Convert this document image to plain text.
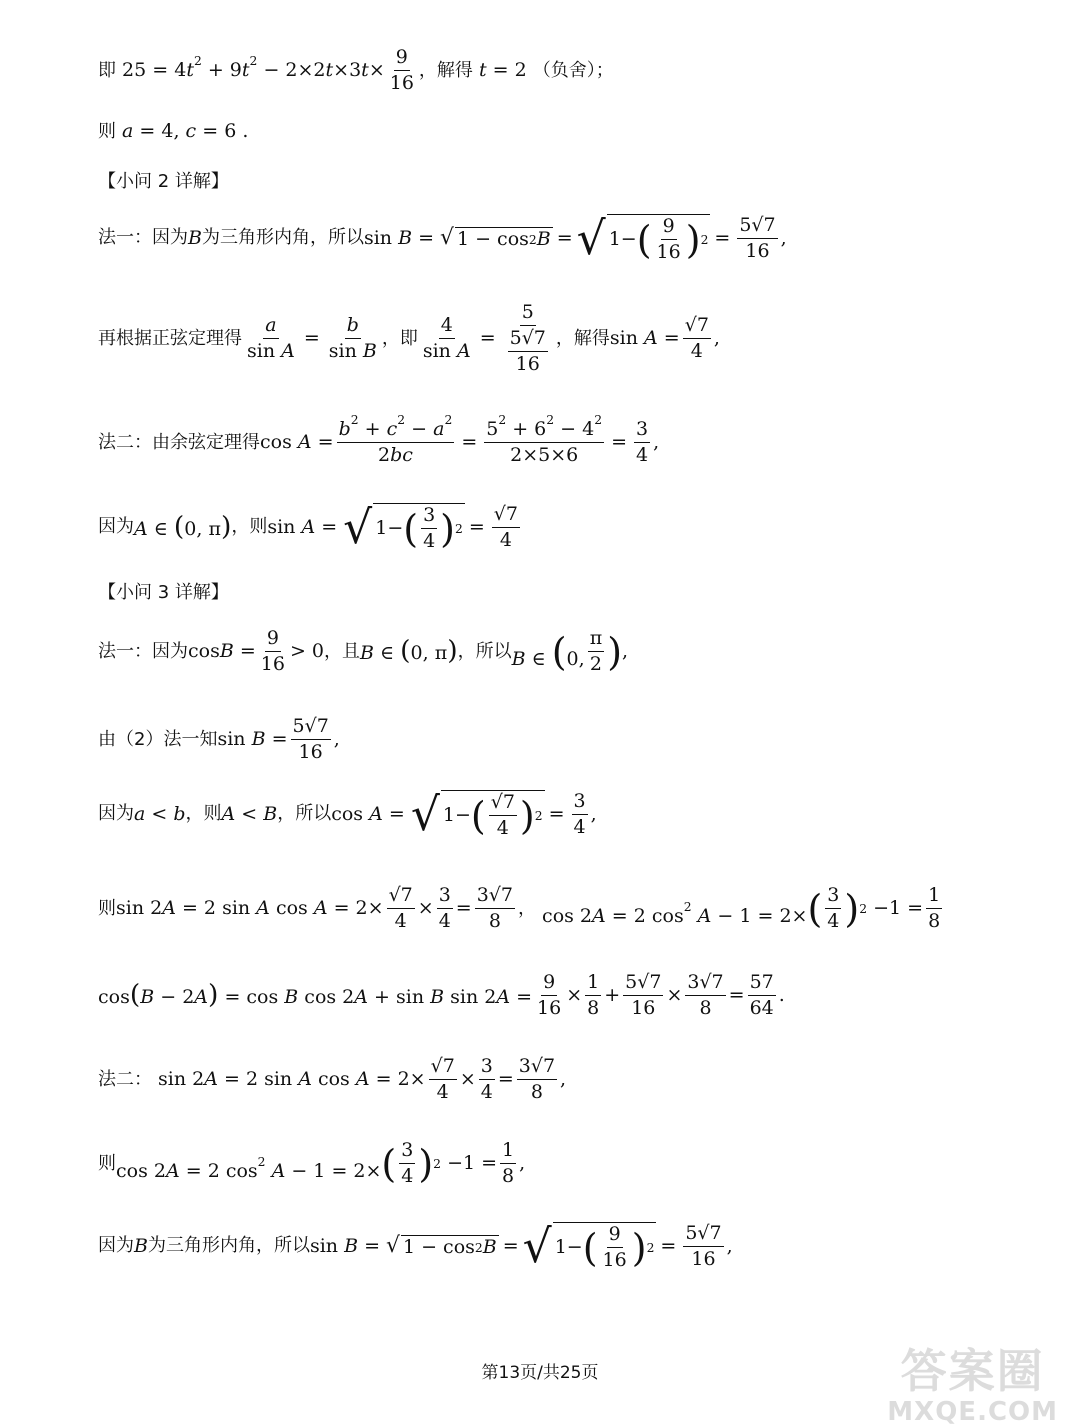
即 $25 = 4t^2 + 9t^2 - 2\times 2t\times 3t\times \frac{9}{16}$ ，解得 t = 2 （负舍）；
则 a = 4, c = 6 .
【小问 2 详解】
法一：因为 B 为三角形内角，所以 sin B = √ 1 − cos 2 B = √ 1− ( $\frac{9}{16}$ ) $2 = \frac{5√7}{16}$ ,
再根据正弦定理得 $\frac{a}{\text{sin A}} = \frac{b}{\text{sin B}}$ ，即 $\frac{4}{\text{sin A}} = \frac{5}{\frac{5√7}{16}}$ ，解得 $\sin A = \frac{√7}{4}$ ,
法二：由余弦定理得 $\cos A = \frac{b^2 + c^2 - a^2}{2bc} = \frac{5^2 + 6^2 - 4^2}{2\times 5\times 6} = \frac{3}{4}$ ,
因为 A ∈ (0, π) ，则 sin A = √ 1− ( $\frac{3}{4}$ ) $2 = \frac{√7}{4}$
【小问 3 详解】
法一：因为 $\cos B = \frac{9}{16} > 0$ ，且 B ∈ (0, π) ，所以 B ∈ (0, $\frac{\pi}{2}$ ) ,
由（2）法一知 $\sin B = \frac{5√7}{16}$ ,
因为 a < b ，则 A < B ，所以 cos A = √ 1− ( $\frac{√7}{4}$ ) $2 = \frac{3}{4}$ ,
则 sin 2A = 2 sin A $\cos A = 2\times \frac{√7}{4} \times \frac{3}{4} = \frac{3√7}{8}$ ， cos 2A = 2 $\cos^2 A - 1 = 2\times( \frac{3}{4}$ ) $2 -1 = \frac{1}{8}$
cos(B − 2A) = cos B cos 2A + sin B $\sin 2A = \frac{9}{16} \times \frac{1}{8} + \frac{5√7}{16} \times \frac{3√7}{8} = \frac{57}{64}$ .
法二： sin 2A = 2 sin A $\cos A = 2\times \frac{√7}{4} \times \frac{3}{4} = \frac{3√7}{8}$ ,
则 cos 2A = 2 $\cos^2 A - 1 = 2\times( \frac{3}{4}$ ) $2 -1 = \frac{1}{8}$ ,
因为 B 为三角形内角，所以 sin B = √ 1 − cos 2 B = √ 1− ( $\frac{9}{16}$ ) $2 = \frac{5√7}{16}$ ,
第13页/共25页	答案圈
MXQE.COM
